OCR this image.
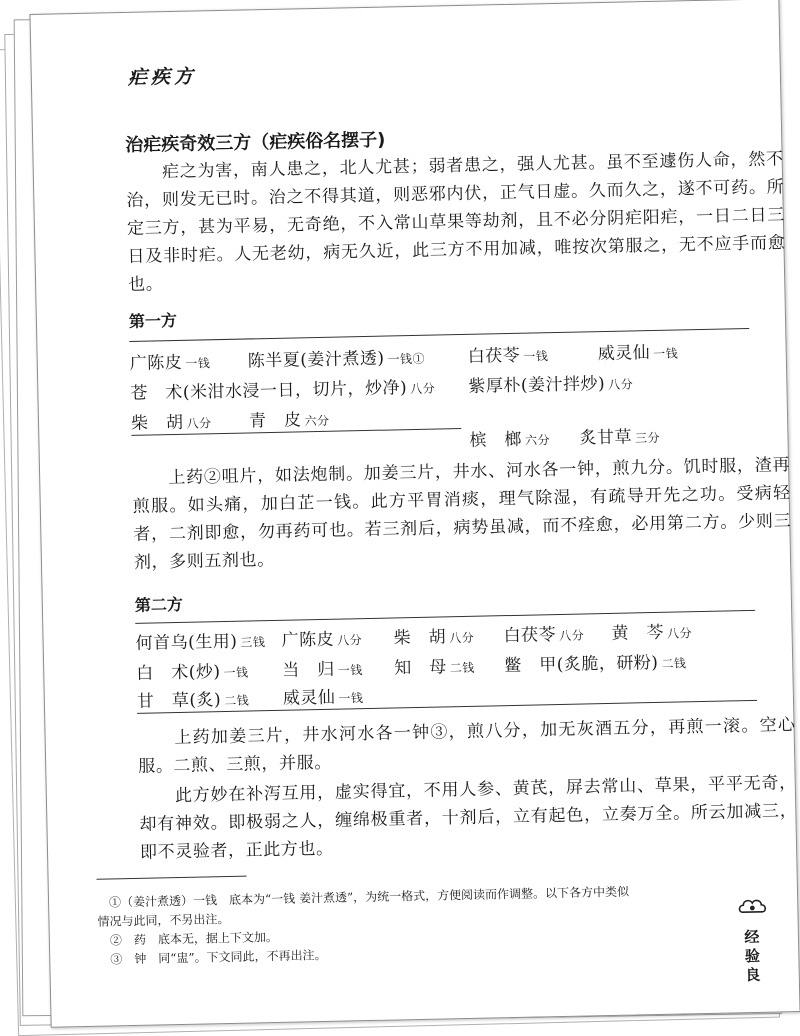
疟疾方
治疟疾奇效三方（疟疾俗名摆子)
疟之为害，南人患之，北人尤甚；弱者患之，强人尤甚。虽不至遽伤人命，然不治，则发无已时。治之不得其道，则恶邪内伏，正气日虚。久而久之，遂不可药。所定三方，甚为平易，无奇绝，不入常山草果等劫剂，且不必分阴疟阳疟，一日二日三日及非时疟。人无老幼，病无久近，此三方不用加减，唯按次第服之，无不应手而愈也。
第一方
广陈皮 一钱 陈半夏(姜汁煮透) 一钱① 白茯苓 一钱	威灵仙 一钱
苍　术(米泔水浸一日，切片，炒净) 八分 紫厚朴(姜汁拌炒) 八分
柴　胡 八分 青　皮 六分
槟　榔 六分 炙甘草 三分
上药②咀片，如法炮制。加姜三片，井水、河水各一钟，煎九分。饥时服，渣再煎服。如头痛，加白芷一钱。此方平胃消痰，理气除湿，有疏导开先之功。受病轻者，二剂即愈，勿再药可也。若三剂后，病势虽减，而不痊愈，必用第二方。少则三剂，多则五剂也。
第二方
何首乌(生用) 三钱 广陈皮 八分 柴　胡 八分 白茯苓 八分 黄　芩 八分
白　术(炒) 一钱 当　归 一钱 知　母 二钱 鳖　甲(炙脆，研粉) 二钱
甘　草(炙) 二钱 威灵仙 一钱
上药加姜三片，井水河水各一钟③，煎八分，加无灰酒五分，再煎一滚。空心服。二煎、三煎，并服。
此方妙在补泻互用，虚实得宜，不用人参、黄芪，屏去常山、草果，平平无奇，却有神效。即极弱之人，缠绵极重者，十剂后，立有起色，立奏万全。所云加减三，即不灵验者，正此方也。
①（姜汁煮透）一钱　底本为“一钱 姜汁煮透”，为统一格式，方便阅读而作调整。以下各方中类似
情况与此同，不另出注。
②　药　底本无，据上下文加。
③　钟　同“盅”。下文同此，不再出注。
经验良
